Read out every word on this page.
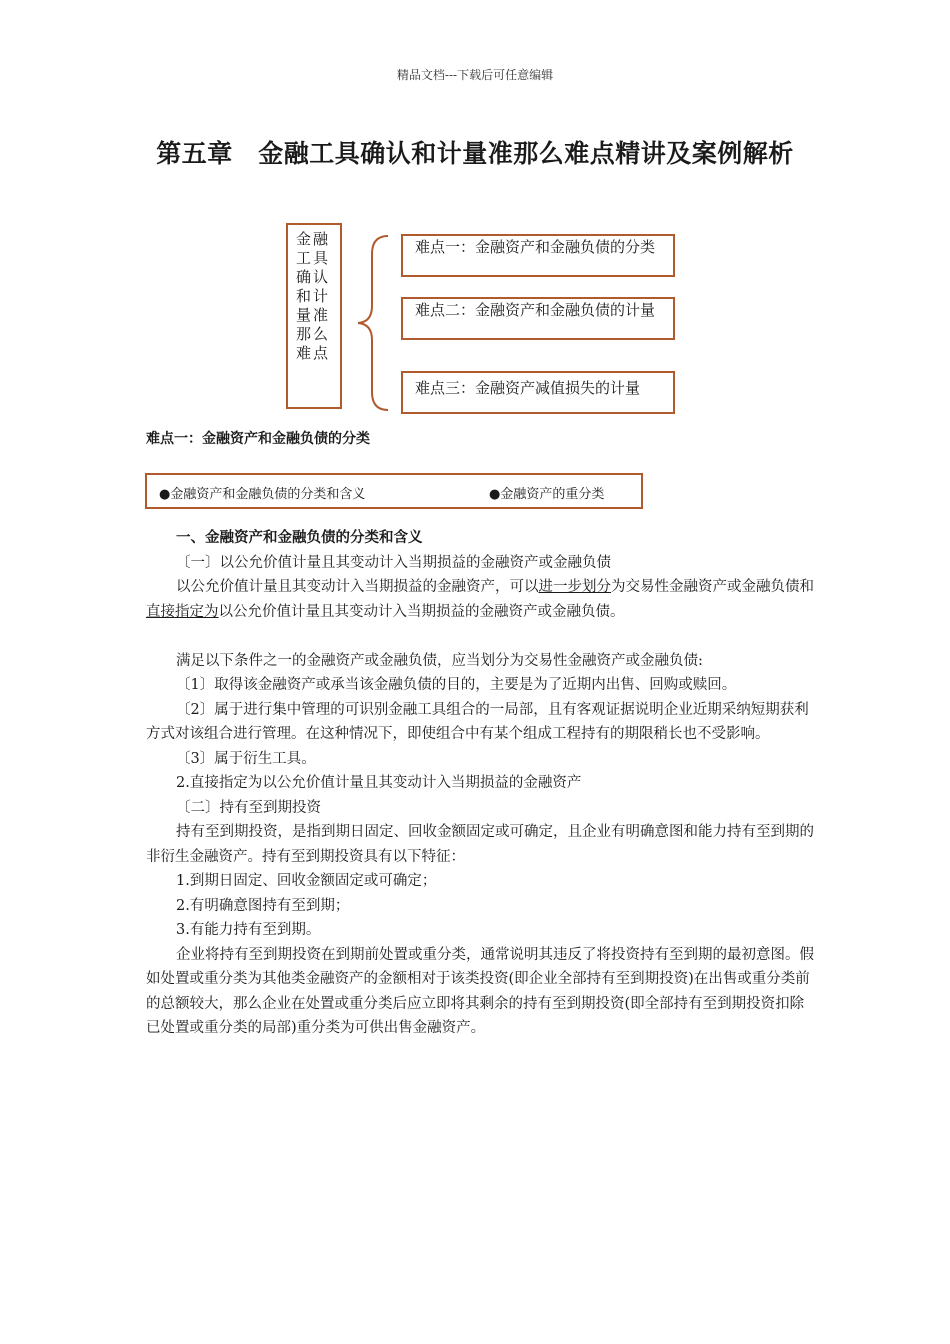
精品文档---下载后可任意编辑
第五章　金融工具确认和计量准那么难点精讲及案例解析
金融工具确认和计量准那么难点
难点一：金融资产和金融负债的分类
难点二：金融资产和金融负债的计量
难点三：金融资产减值损失的计量
难点一：金融资产和金融负债的分类
●金融资产和金融负债的分类和含义	●金融资产的重分类

一、金融资产和金融负债的分类和含义

〔一〕以公允价值计量且其变动计入当期损益的金融资产或金融负债

以公允价值计量且其变动计入当期损益的金融资产，可以进一步划分为交易性金融资产或金融负债和直接指定为以公允价值计量且其变动计入当期损益的金融资产或金融负债。

满足以下条件之一的金融资产或金融负债，应当划分为交易性金融资产或金融负债:

〔1〕取得该金融资产或承当该金融负债的目的，主要是为了近期内出售、回购或赎回。

〔2〕属于进行集中管理的可识别金融工具组合的一局部，且有客观证据说明企业近期采纳短期获利方式对该组合进行管理。在这种情况下，即使组合中有某个组成工程持有的期限稍长也不受影响。

〔3〕属于衍生工具。

2.直接指定为以公允价值计量且其变动计入当期损益的金融资产

〔二〕持有至到期投资

持有至到期投资，是指到期日固定、回收金额固定或可确定，且企业有明确意图和能力持有至到期的非衍生金融资产。持有至到期投资具有以下特征：

1.到期日固定、回收金额固定或可确定；

2.有明确意图持有至到期；

3.有能力持有至到期。

企业将持有至到期投资在到期前处置或重分类，通常说明其违反了将投资持有至到期的最初意图。假如处置或重分类为其他类金融资产的金额相对于该类投资(即企业全部持有至到期投资)在出售或重分类前的总额较大，那么企业在处置或重分类后应立即将其剩余的持有至到期投资(即全部持有至到期投资扣除已处置或重分类的局部)重分类为可供出售金融资产。
